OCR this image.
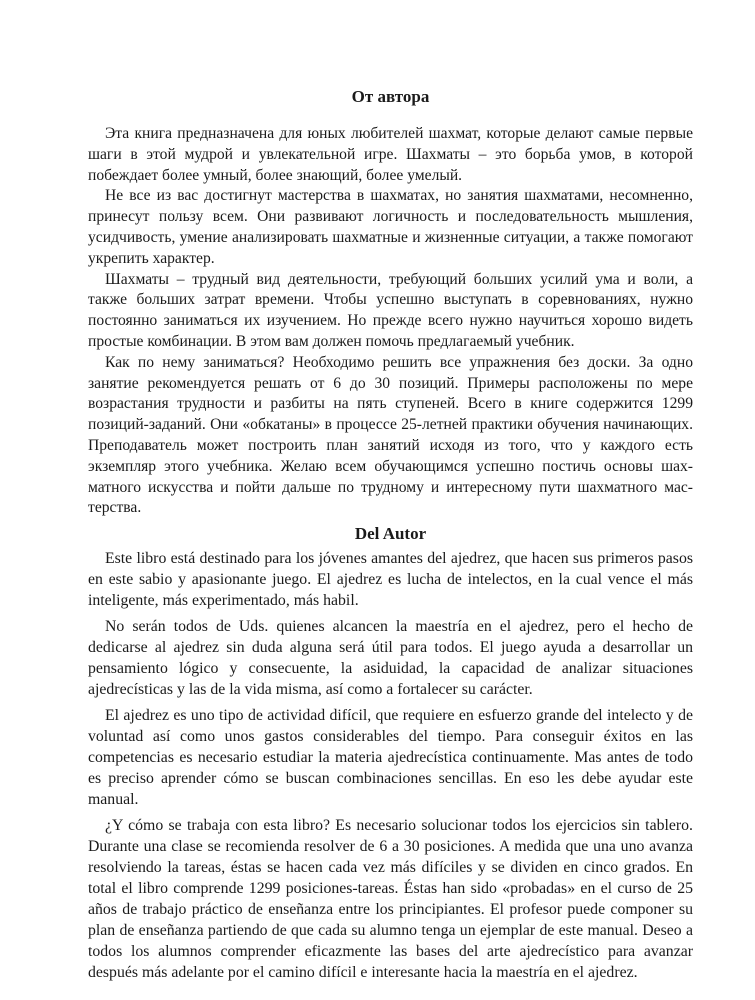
От автора

Эта книга предназначена для юных любителей шахмат, которые делают самые первые шаги в этой мудрой и увлекательной игре. Шахматы – это борьба умов, в которой побеждает более умный, более знающий, более умелый.

Не все из вас достигнут мастерства в шахматах, но занятия шахматами, несомненно, принесут пользу всем. Они развивают логичность и последовательность мышления, усидчивость, умение анализировать шахматные и жизненные ситуации, а также помогают укрепить характер.

Шахматы – трудный вид деятельности, требующий больших усилий ума и воли, а также больших затрат времени. Чтобы успешно выступать в соревнованиях, нужно постоянно заниматься их изучением. Но прежде всего нужно научиться хорошо видеть простые комбинации. В этом вам должен помочь предлагаемый учебник.

Как по нему заниматься? Необходимо решить все упражнения без доски. За одно занятие рекомендуется решать от 6 до 30 позиций. Примеры расположены по мере возрастания трудности и разбиты на пять ступеней. Всего в книге содержится 1299 позиций-заданий. Они «обкатаны» в процессе 25-летней практики обучения начинающих. Преподаватель может построить план занятий исходя из того, что у каждого есть экземпляр этого учебника. Желаю всем обучающимся успешно постичь основы шахматного искусства и пойти дальше по трудному и интересному пути шахматного мастерства.

Del Autor

Este libro está destinado para los jóvenes amantes del ajedrez, que hacen sus primeros pasos en este sabio y apasionante juego. El ajedrez es lucha de intelectos, en la cual vence el más inteligente, más experimentado, más habil.

No serán todos de Uds. quienes alcancen la maestría en el ajedrez, pero el hecho de dedicarse al ajedrez sin duda alguna será útil para todos. El juego ayuda a desarrollar un pensamiento lógico y consecuente, la asiduidad, la capacidad de analizar situaciones ajedrecísticas y las de la vida misma, así como a fortalecer su carácter.

El ajedrez es uno tipo de actividad difícil, que requiere en esfuerzo grande del intelecto y de voluntad así como unos gastos considerables del tiempo. Para conseguir éxitos en las competencias es necesario estudiar la materia ajedrecística continuamente. Mas antes de todo es preciso aprender cómo se buscan combinaciones sencillas. En eso les debe ayudar este manual.

¿Y cómo se trabaja con esta libro? Es necesario solucionar todos los ejercicios sin tablero. Durante una clase se recomienda resolver de 6 a 30 posiciones. A medida que una uno avanza resolviendo la tareas, éstas se hacen cada vez más difíciles y se dividen en cinco grados. En total el libro comprende 1299 posiciones-tareas. Éstas han sido «probadas» en el curso de 25 años de trabajo práctico de enseñanza entre los principiantes. El profesor puede componer su plan de enseñanza partiendo de que cada su alumno tenga un ejemplar de este manual. Deseo a todos los alumnos comprender eficazmente las bases del arte ajedrecístico para avanzar después más adelante por el camino difícil e interesante hacia la maestría en el ajedrez.
